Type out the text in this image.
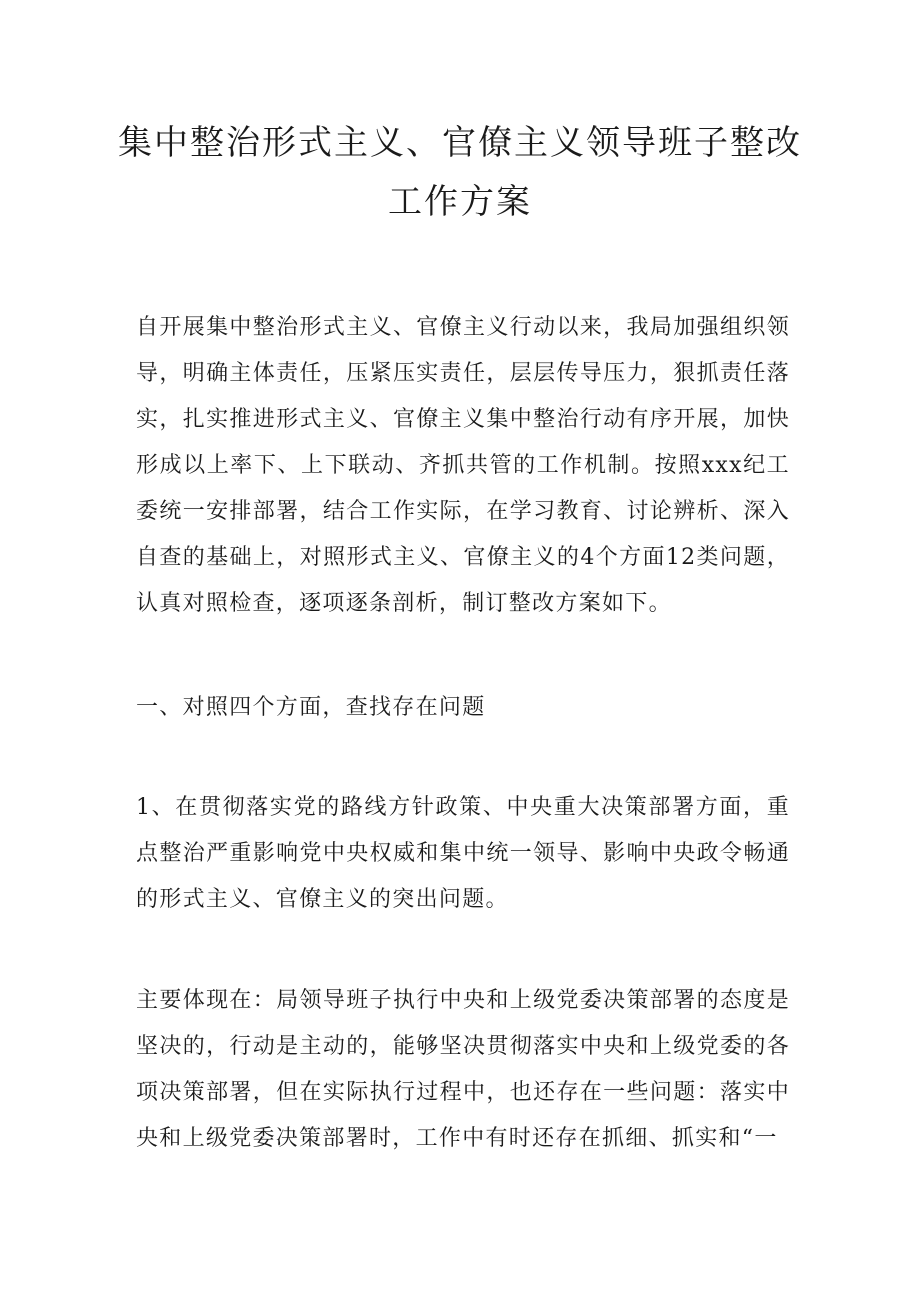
集中整治形式主义、官僚主义领导班子整改
工作方案

自开展集中整治形式主义、官僚主义行动以来，我局加强组织领导，明确主体责任，压紧压实责任，层层传导压力，狠抓责任落实，扎实推进形式主义、官僚主义集中整治行动有序开展，加快形成以上率下、上下联动、齐抓共管的工作机制。按照xxx纪工委统一安排部署，结合工作实际，在学习教育、讨论辨析、深入自查的基础上，对照形式主义、官僚主义的4个方面12类问题，认真对照检查，逐项逐条剖析，制订整改方案如下。

一、对照四个方面，查找存在问题

1、在贯彻落实党的路线方针政策、中央重大决策部署方面，重点整治严重影响党中央权威和集中统一领导、影响中央政令畅通的形式主义、官僚主义的突出问题。

主要体现在：局领导班子执行中央和上级党委决策部署的态度是坚决的，行动是主动的，能够坚决贯彻落实中央和上级党委的各项决策部署，但在实际执行过程中，也还存在一些问题：落实中央和上级党委决策部署时，工作中有时还存在抓细、抓实和“一
